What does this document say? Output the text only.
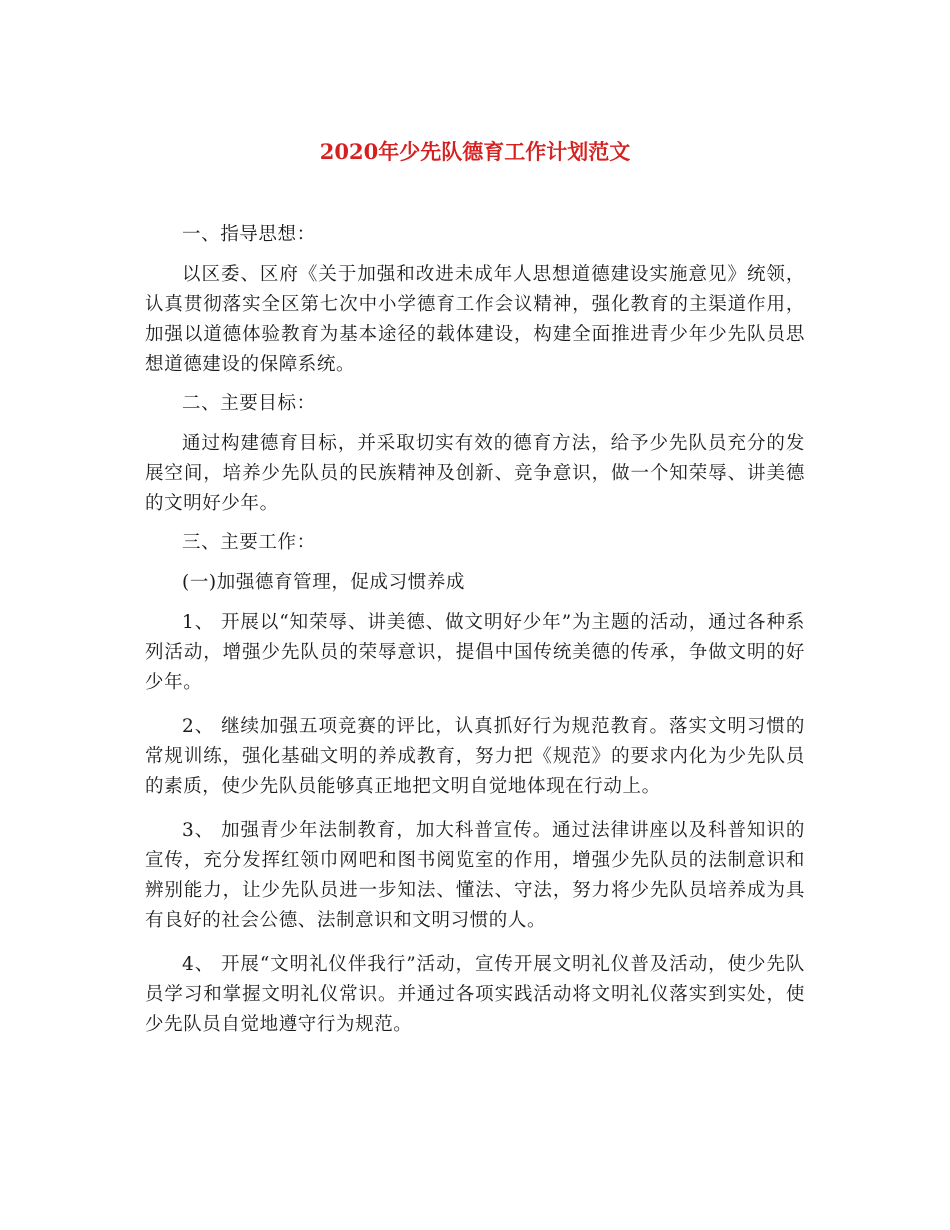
2020年少先队德育工作计划范文

一、指导思想：

以区委、区府《关于加强和改进未成年人思想道德建设实施意见》统领，认真贯彻落实全区第七次中小学德育工作会议精神，强化教育的主渠道作用，加强以道德体验教育为基本途径的载体建设，构建全面推进青少年少先队员思想道德建设的保障系统。

二、主要目标：

通过构建德育目标，并采取切实有效的德育方法，给予少先队员充分的发展空间，培养少先队员的民族精神及创新、竞争意识，做一个知荣辱、讲美德的文明好少年。

三、主要工作：

(一)加强德育管理，促成习惯养成

1、 开展以“知荣辱、讲美德、做文明好少年”为主题的活动，通过各种系列活动，增强少先队员的荣辱意识，提倡中国传统美德的传承，争做文明的好少年。

2、 继续加强五项竞赛的评比，认真抓好行为规范教育。落实文明习惯的常规训练，强化基础文明的养成教育，努力把《规范》的要求内化为少先队员的素质，使少先队员能够真正地把文明自觉地体现在行动上。

3、 加强青少年法制教育，加大科普宣传。通过法律讲座以及科普知识的宣传，充分发挥红领巾网吧和图书阅览室的作用，增强少先队员的法制意识和辨别能力，让少先队员进一步知法、懂法、守法，努力将少先队员培养成为具有良好的社会公德、法制意识和文明习惯的人。

4、 开展“文明礼仪伴我行”活动，宣传开展文明礼仪普及活动，使少先队员学习和掌握文明礼仪常识。并通过各项实践活动将文明礼仪落实到实处，使少先队员自觉地遵守行为规范。
